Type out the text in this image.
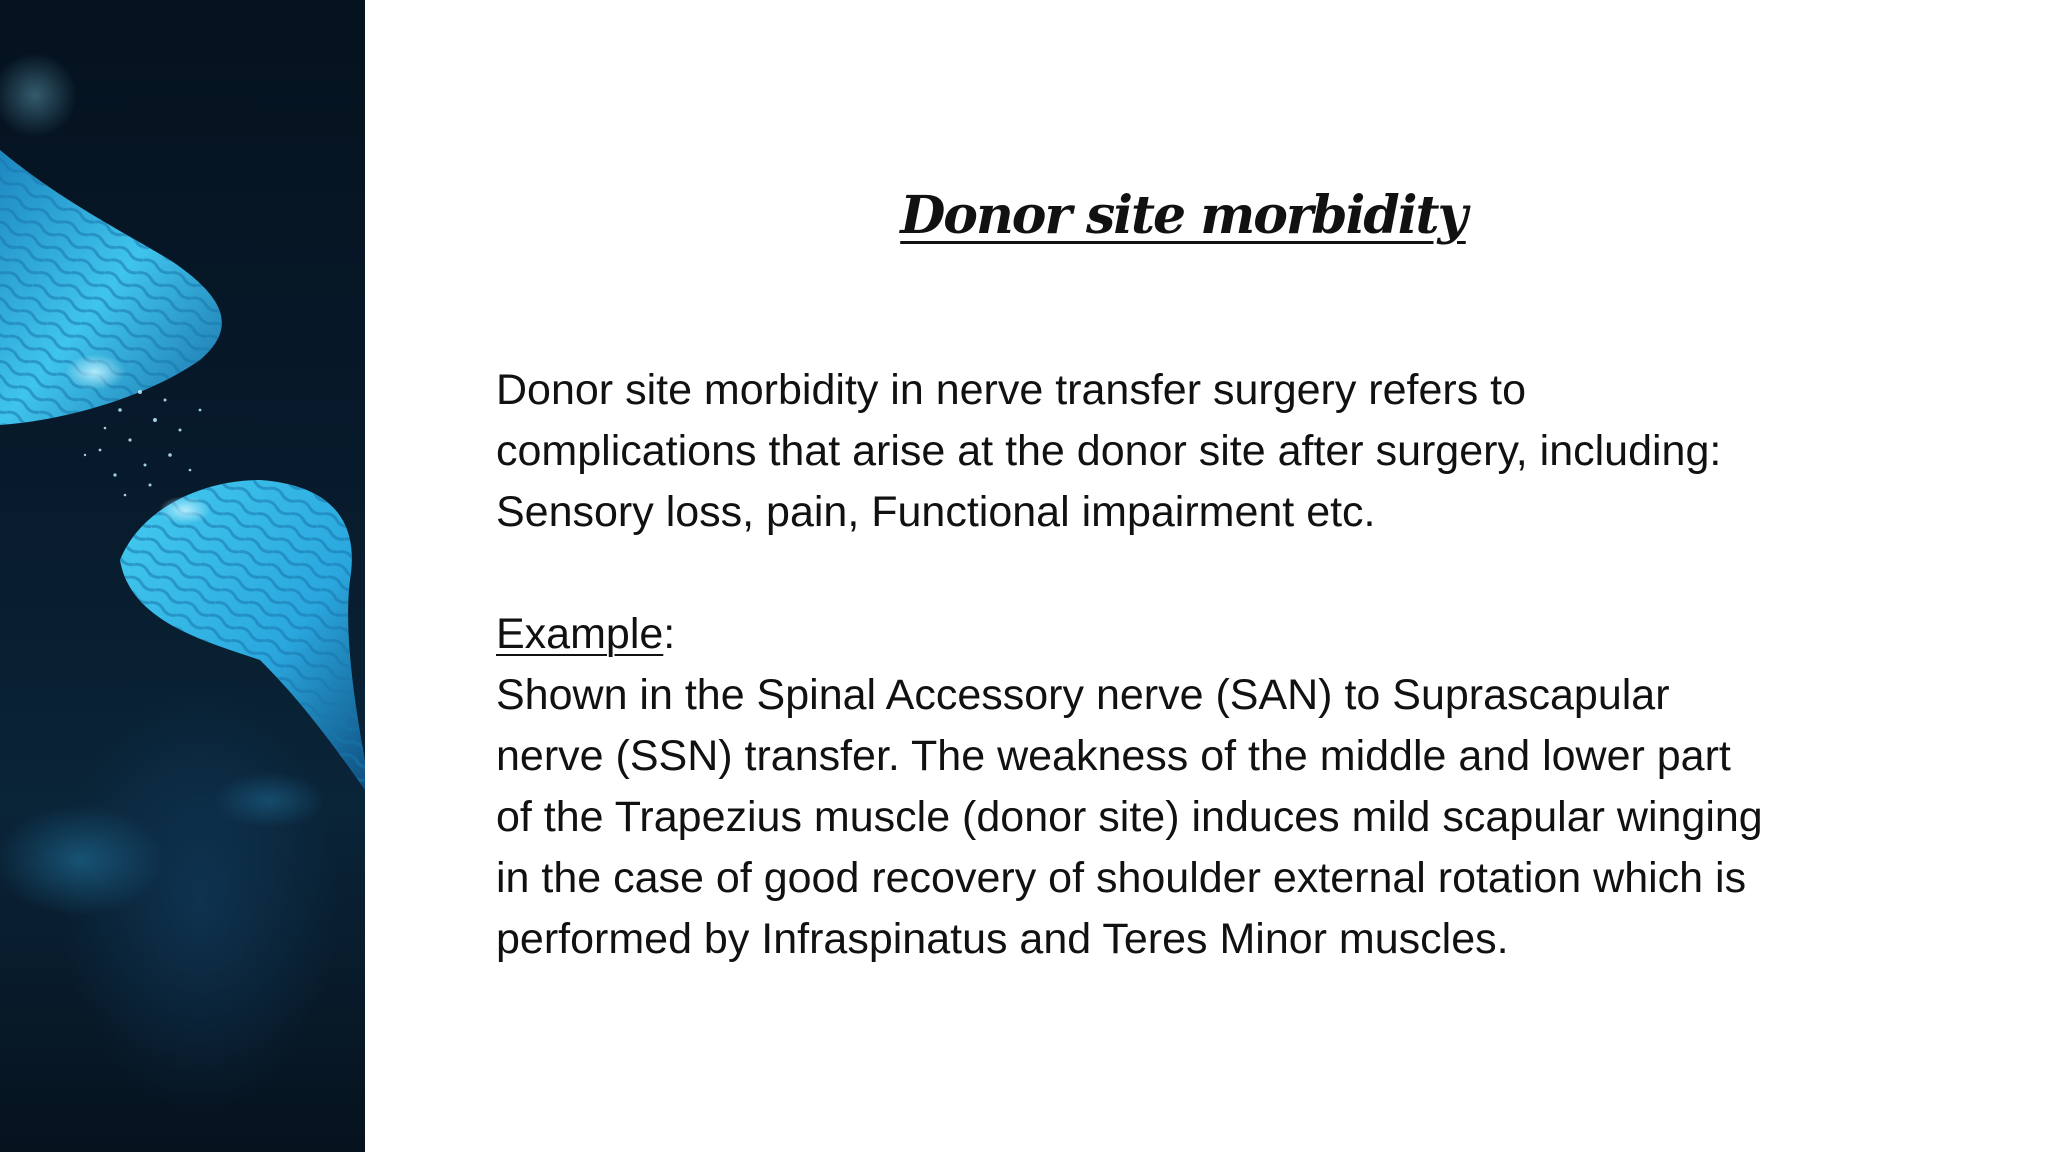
Donor site morbidity

Donor site morbidity in nerve transfer surgery refers to

complications that arise at the donor site after surgery, including:

Sensory loss, pain, Functional impairment etc.

Example:

Shown in the Spinal Accessory nerve (SAN) to Suprascapular

nerve (SSN) transfer. The weakness of the middle and lower part

of the Trapezius muscle (donor site) induces mild scapular winging

in the case of good recovery of shoulder external rotation which is

performed by Infraspinatus and Teres Minor muscles.
